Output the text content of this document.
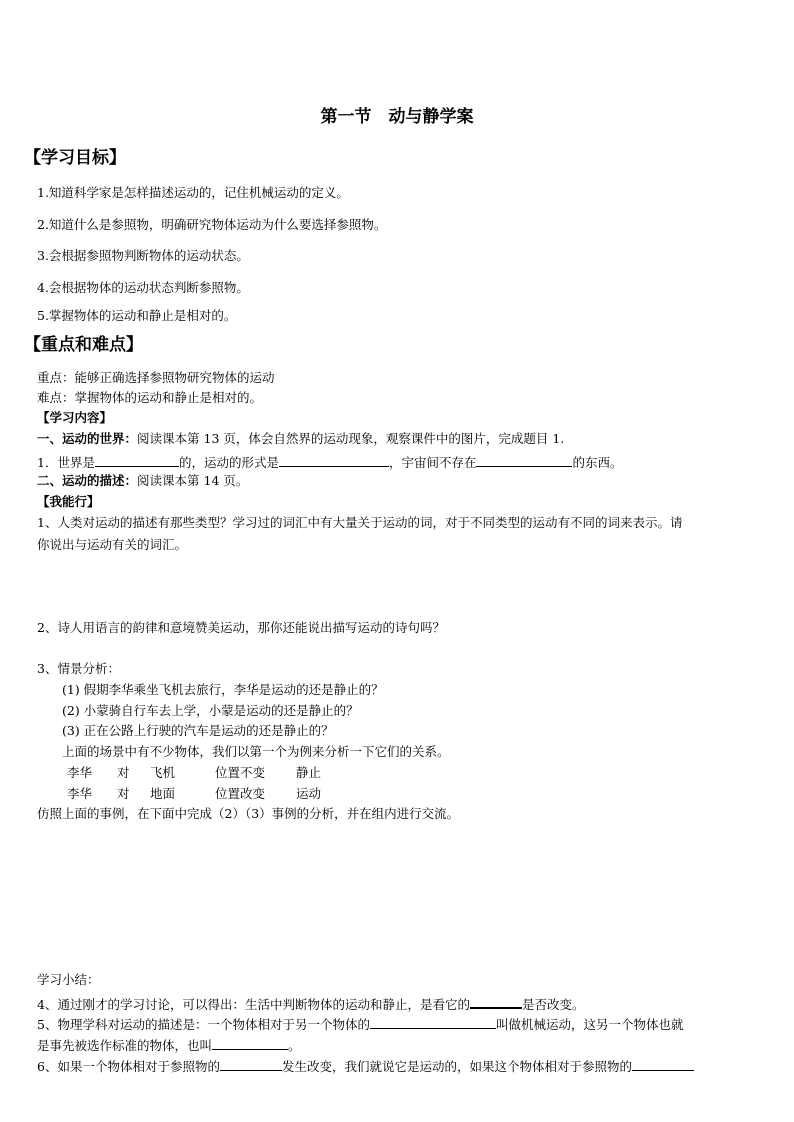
第一节　动与静学案
【学习目标】
1.知道科学家是怎样描述运动的，记住机械运动的定义。
2.知道什么是参照物，明确研究物体运动为什么要选择参照物。
3.会根据参照物判断物体的运动状态。
4.会根据物体的运动状态判断参照物。
5.掌握物体的运动和静止是相对的。
【重点和难点】
重点：能够正确选择参照物研究物体的运动
难点：掌握物体的运动和静止是相对的。
【学习内容】
一、运动的世界：阅读课本第 13 页，体会自然界的运动现象，观察课件中的图片，完成题目 1.
1．世界是	的，运动的形式是	，宇宙间不存在	的东西。
二、运动的描述：阅读课本第 14 页。
【我能行】
1、人类对运动的描述有那些类型？学习过的词汇中有大量关于运动的词，对于不同类型的运动有不同的词来表示。请
你说出与运动有关的词汇。
2、诗人用语言的韵律和意境赞美运动，那你还能说出描写运动的诗句吗？
3、情景分析：
(1) 假期李华乘坐飞机去旅行，李华是运动的还是静止的？
(2) 小蒙骑自行车去上学，小蒙是运动的还是静止的？
(3) 正在公路上行驶的汽车是运动的还是静止的？
上面的场景中有不少物体，我们以第一个为例来分析一下它们的关系。
李华 对 飞机	位置不变 静止
李华 对 地面	位置改变 运动
仿照上面的事例，在下面中完成（2）（3）事例的分析，并在组内进行交流。
学习小结：
4、通过刚才的学习讨论，可以得出：生活中判断物体的运动和静止，是看它的	是否改变。
5、物理学科对运动的描述是：一个物体相对于另一个物体的	叫做机械运动，这另一个物体也就
是事先被选作标准的物体，也叫	。
6、如果一个物体相对于参照物的	发生改变，我们就说它是运动的，如果这个物体相对于参照物的
